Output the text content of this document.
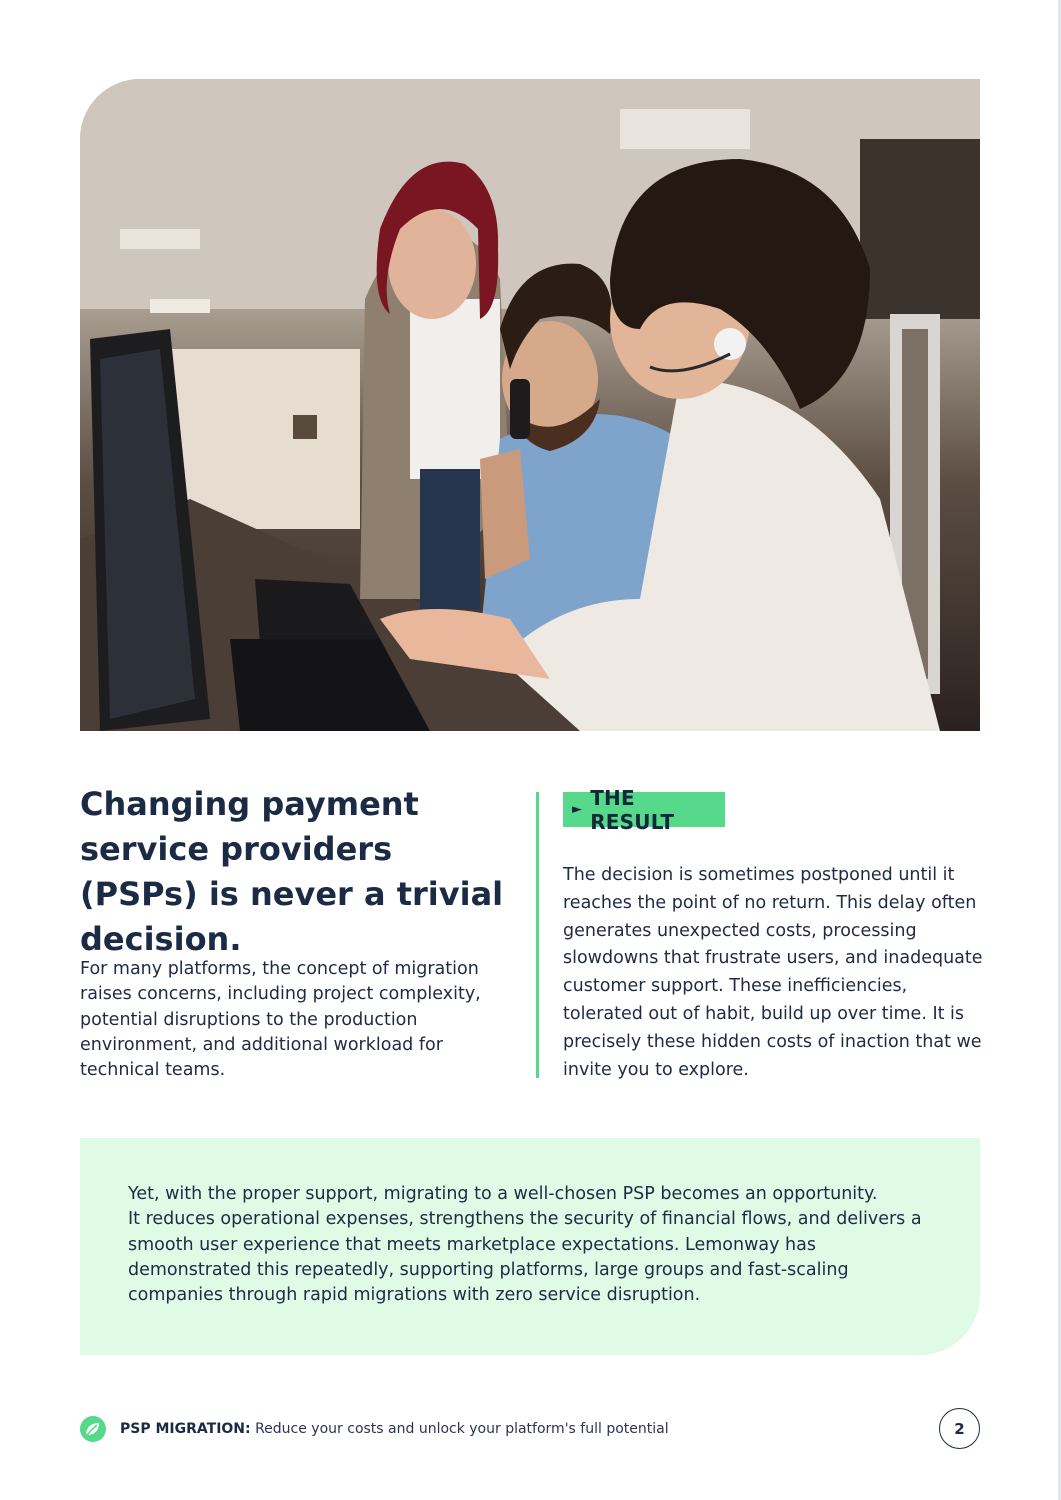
Changing payment service providers (PSPs) is never a trivial decision.

For many platforms, the concept of migration raises concerns, including project complexity, potential disruptions to the production environment, and additional workload for technical teams.

► THE RESULT

The decision is sometimes postponed until it reaches the point of no return. This delay often generates unexpected costs, processing slowdowns that frustrate users, and inadequate customer support. These inefficiencies, tolerated out of habit, build up over time. It is precisely these hidden costs of inaction that we invite you to explore.

Yet, with the proper support, migrating to a well-chosen PSP becomes an opportunity.
It reduces operational expenses, strengthens the security of financial flows, and delivers a smooth user experience that meets marketplace expectations. Lemonway has demonstrated this repeatedly, supporting platforms, large groups and fast-scaling companies through rapid migrations with zero service disruption.

PSP MIGRATION: Reduce your costs and unlock your platform's full potential	2
